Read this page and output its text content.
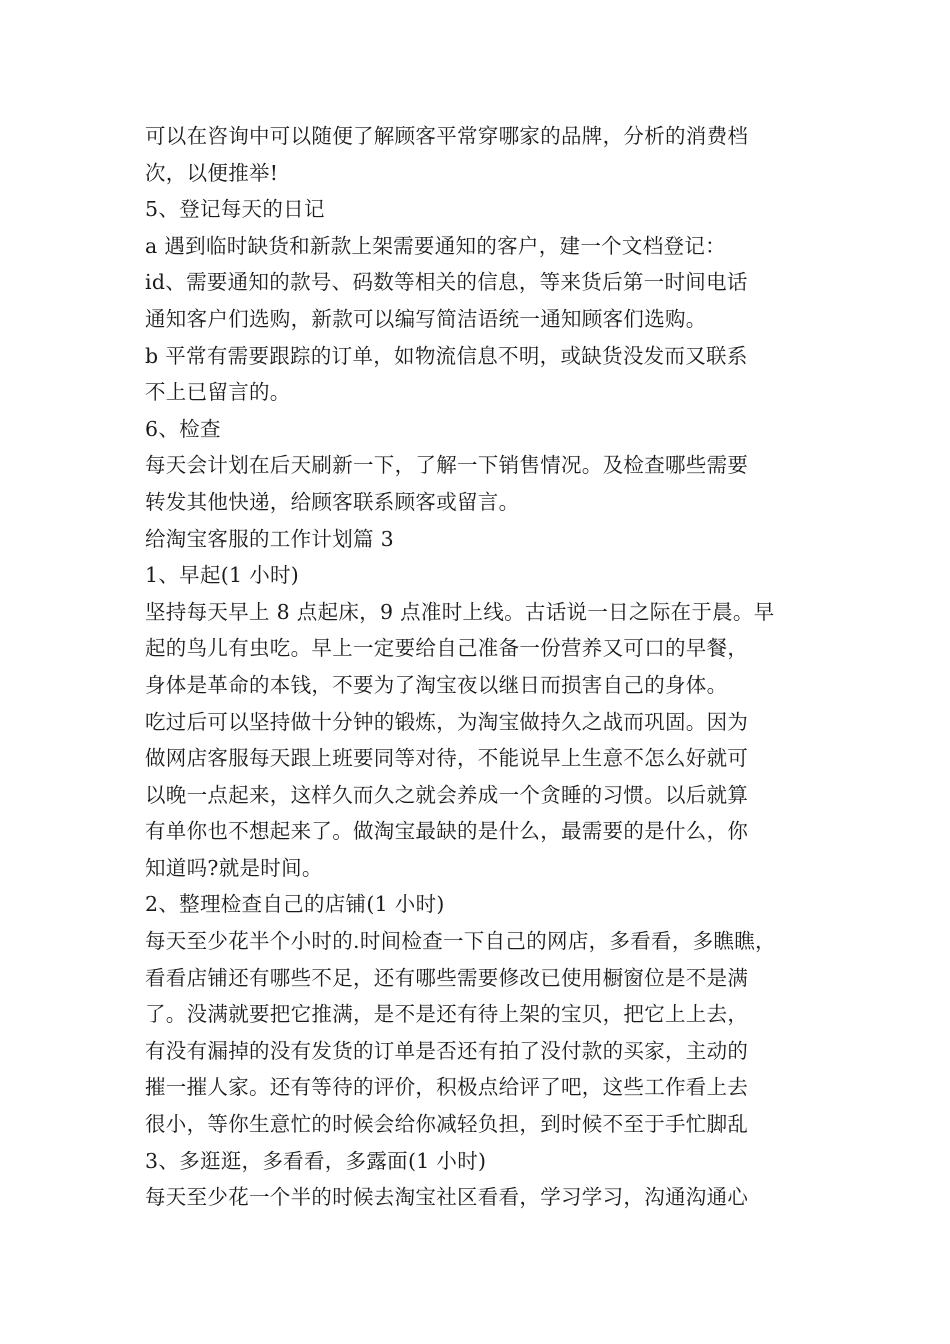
可以在咨询中可以随便了解顾客平常穿哪家的品牌，分析的消费档
次，以便推举!
5、登记每天的日记
a 遇到临时缺货和新款上架需要通知的客户，建一个文档登记：
id、需要通知的款号、码数等相关的信息，等来货后第一时间电话
通知客户们选购，新款可以编写简洁语统一通知顾客们选购。
b 平常有需要跟踪的订单，如物流信息不明，或缺货没发而又联系
不上已留言的。
6、检查
每天会计划在后天刷新一下，了解一下销售情况。及检查哪些需要
转发其他快递，给顾客联系顾客或留言。
给淘宝客服的工作计划篇 3
1、早起(1 小时)
坚持每天早上 8 点起床，9 点准时上线。古话说一日之际在于晨。早
起的鸟儿有虫吃。早上一定要给自己准备一份营养又可口的早餐，
身体是革命的本钱，不要为了淘宝夜以继日而损害自己的身体。
吃过后可以坚持做十分钟的锻炼，为淘宝做持久之战而巩固。因为
做网店客服每天跟上班要同等对待，不能说早上生意不怎么好就可
以晚一点起来，这样久而久之就会养成一个贪睡的习惯。以后就算
有单你也不想起来了。做淘宝最缺的是什么，最需要的是什么，你
知道吗?就是时间。
2、整理检查自己的店铺(1 小时)
每天至少花半个小时的.时间检查一下自己的网店，多看看，多瞧瞧，
看看店铺还有哪些不足，还有哪些需要修改已使用橱窗位是不是满
了。没满就要把它推满，是不是还有待上架的宝贝，把它上上去，
有没有漏掉的没有发货的订单是否还有拍了没付款的买家，主动的
摧一摧人家。还有等待的评价，积极点给评了吧，这些工作看上去
很小，等你生意忙的时候会给你减轻负担，到时候不至于手忙脚乱
3、多逛逛，多看看，多露面(1 小时)
每天至少花一个半的时候去淘宝社区看看，学习学习，沟通沟通心
